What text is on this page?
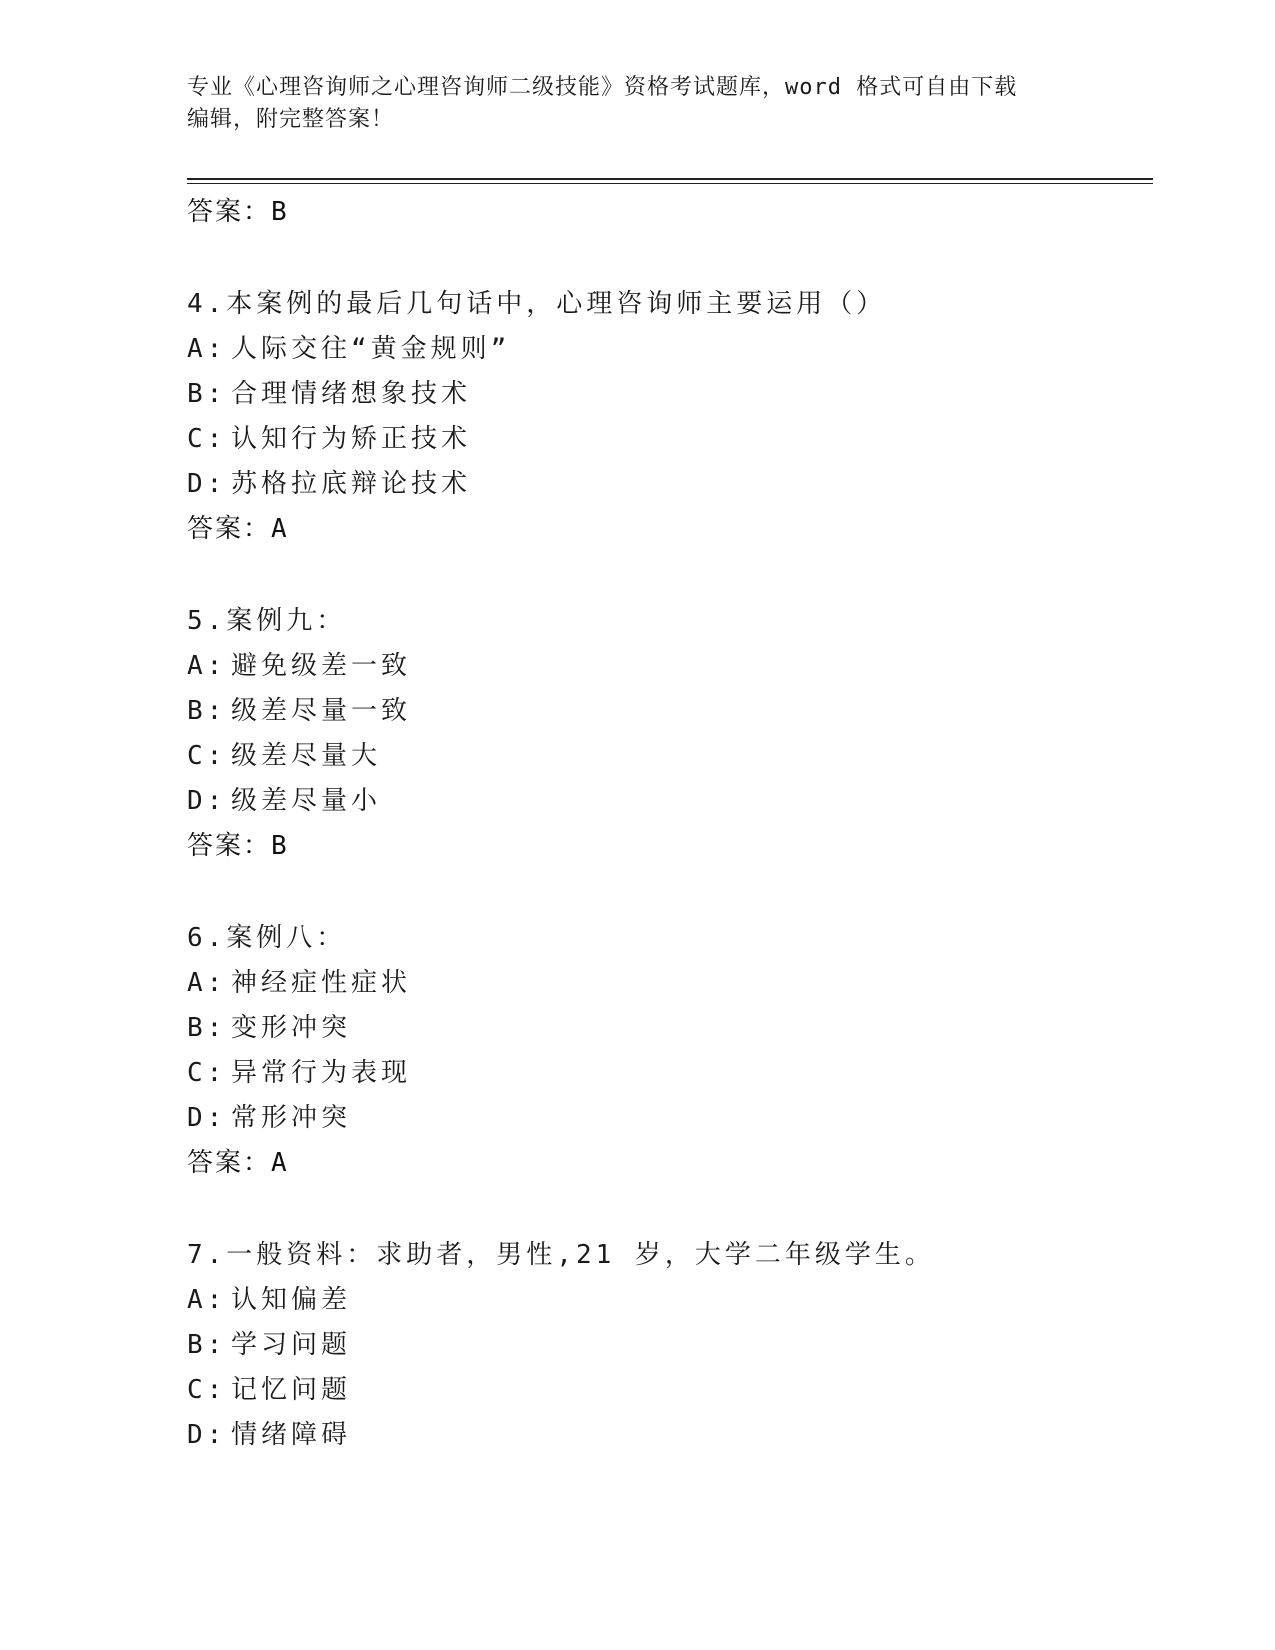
专业《心理咨询师之心理咨询师二级技能》资格考试题库，word 格式可自由下载
编辑，附完整答案！
答案：B
4.本案例的最后几句话中，心理咨询师主要运用（）
A: 人际交往“黄金规则”
B: 合理情绪想象技术
C: 认知行为矫正技术
D: 苏格拉底辩论技术
答案：A
5.案例九：
A: 避免级差一致
B: 级差尽量一致
C: 级差尽量大
D: 级差尽量小
答案：B
6.案例八：
A: 神经症性症状
B: 变形冲突
C: 异常行为表现
D: 常形冲突
答案：A
7.一般资料：求助者，男性,21 岁，大学二年级学生。
A: 认知偏差
B: 学习问题
C: 记忆问题
D: 情绪障碍
